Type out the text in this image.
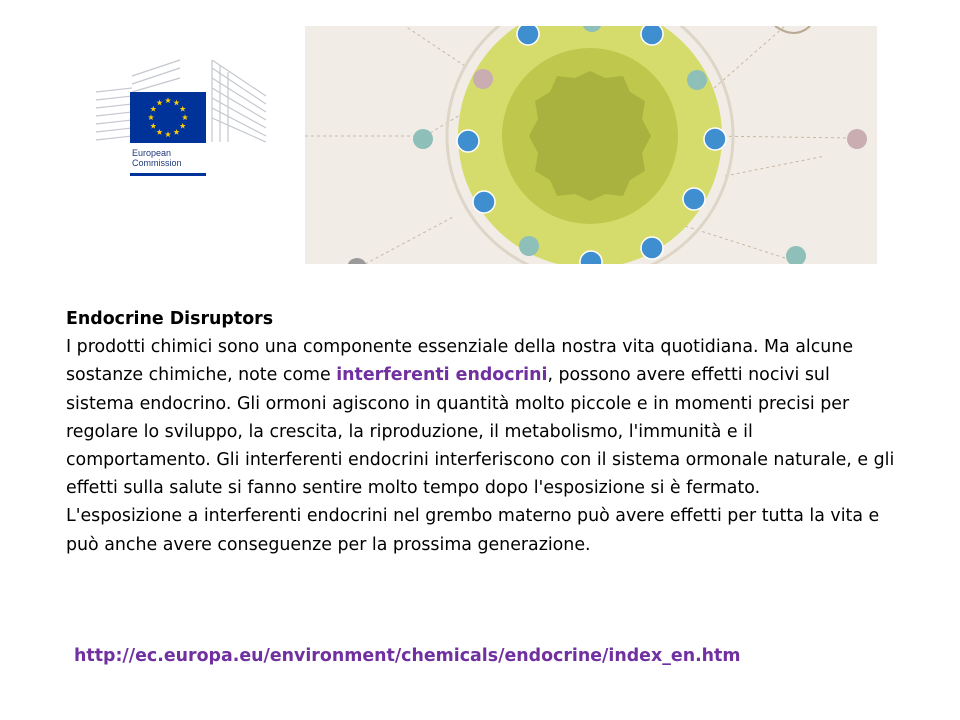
European
Commission

Endocrine Disruptors

I prodotti chimici sono una componente essenziale della nostra vita quotidiana. Ma alcune sostanze chimiche, note come interferenti endocrini, possono avere effetti nocivi sul sistema endocrino. Gli ormoni agiscono in quantità molto piccole e in momenti precisi per regolare lo sviluppo, la crescita, la riproduzione, il metabolismo, l'immunità e il comportamento. Gli interferenti endocrini interferiscono con il sistema ormonale naturale, e gli effetti sulla salute si fanno sentire molto tempo dopo l'esposizione si è fermato.

L'esposizione a interferenti endocrini nel grembo materno può avere effetti per tutta la vita e può anche avere conseguenze per la prossima generazione.

http://ec.europa.eu/environment/chemicals/endocrine/index_en.htm
